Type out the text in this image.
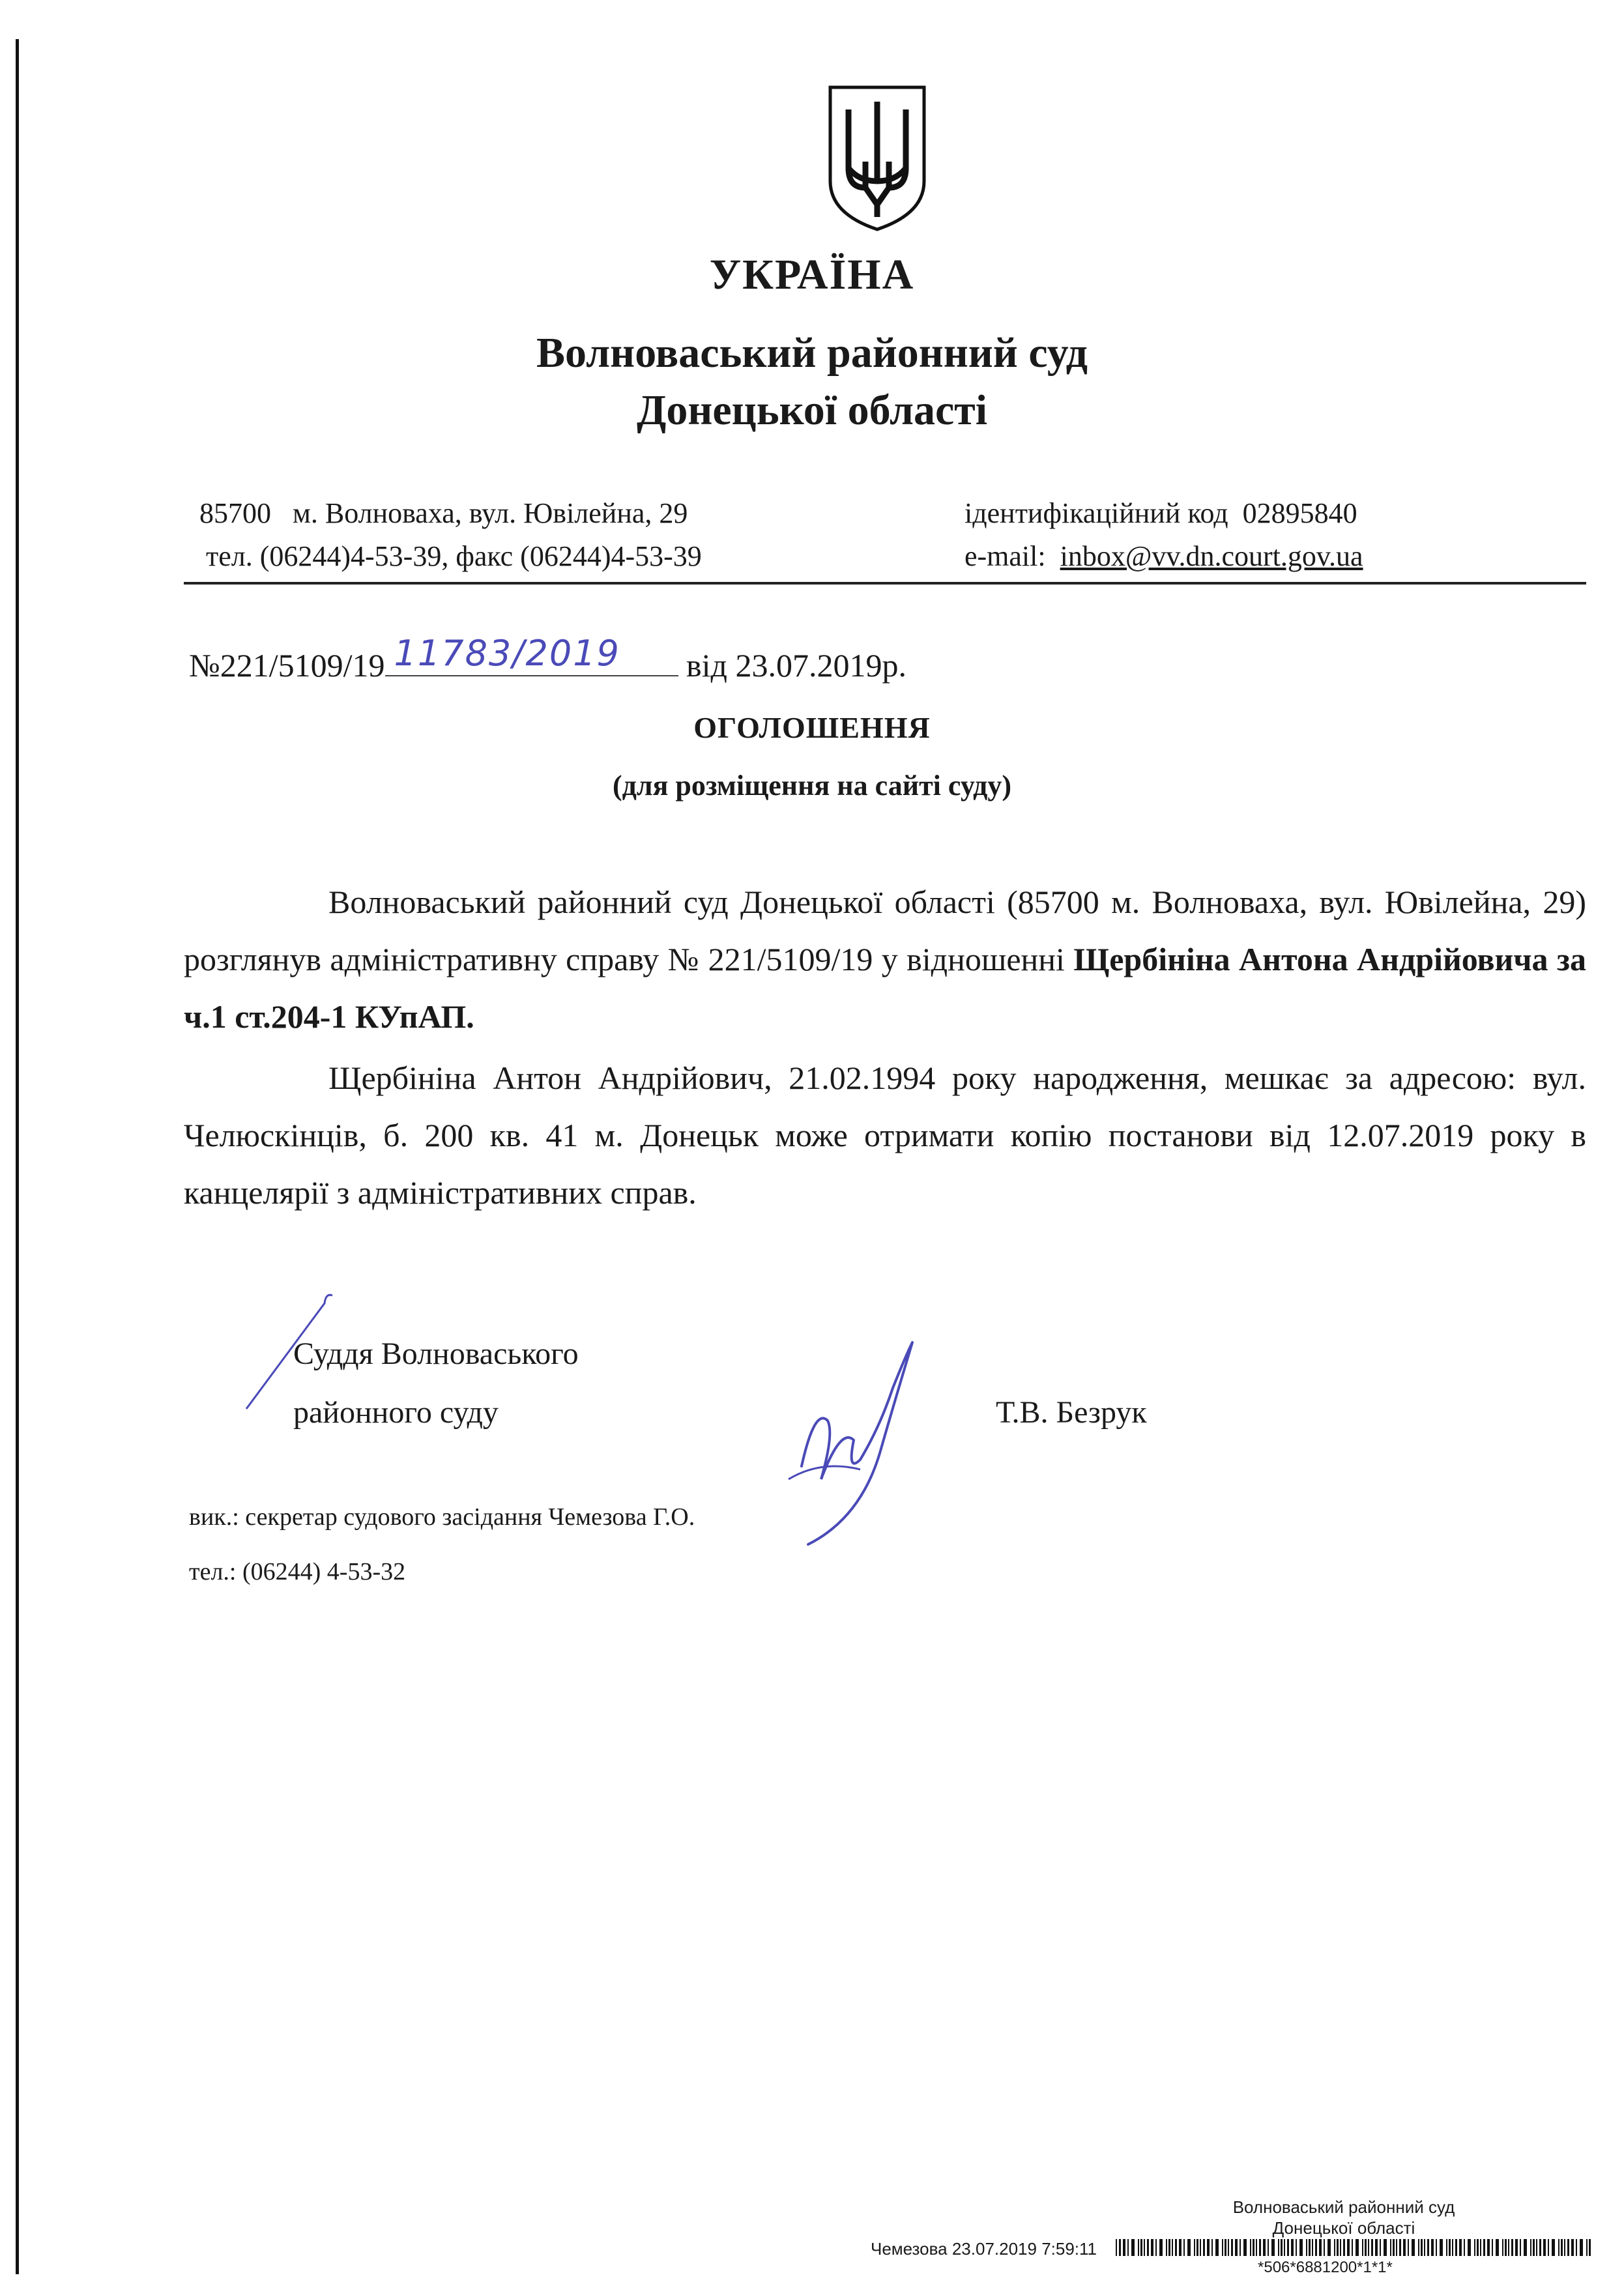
УКРАЇНА
Волноваський районний суд
Донецької області
85700   м. Волноваха, вул. Ювілейна, 29
тел. (06244)4-53-39, факс (06244)4-53-39
ідентифікаційний код  02895840
e-mail: inbox@vv.dn.court.gov.ua
№221/5109/19 11783/2019 від 23.07.2019р.
ОГОЛОШЕННЯ
(для розміщення на сайті суду)
Волноваський районний суд Донецької області (85700 м. Волноваха, вул. Ювілейна, 29) розглянув адміністративну справу № 221/5109/19 у відношенні Щербініна Антона Андрійовича за ч.1 ст.204-1 КУпАП.
Щербініна Антон Андрійович, 21.02.1994 року народження, мешкає за адресою: вул. Челюскінців, б. 200 кв. 41 м. Донецьк може отримати копію постанови від 12.07.2019 року в канцелярії з адміністративних справ.
Суддя Волноваського
районного суду	Т.В. Безрук
вик.: секретар судового засідання Чемезова Г.О.
тел.: (06244) 4-53-32
Волноваський районний суд
Донецької області
Чемезова 23.07.2019 7:59:11
*506*6881200*1*1*
